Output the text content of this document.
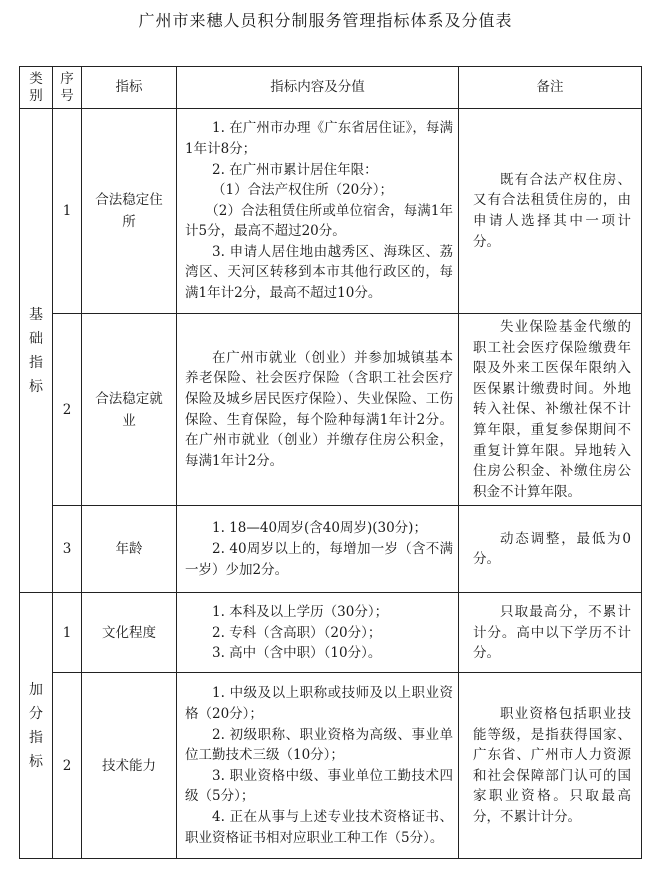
广州市来穗人员积分制服务管理指标体系及分值表
类别	序号	指标	指标内容及分值	备注
基础指标	1	合法稳定住所	1. 在广州市办理《广东省居住证》，每满1年计8分；

2. 在广州市累计居住年限：

（1）合法产权住所（20分）；

（2）合法租赁住所或单位宿舍，每满1年计5分，最高不超过20分。

3. 申请人居住地由越秀区、海珠区、荔湾区、天河区转移到本市其他行政区的，每满1年计2分，最高不超过10分。	既有合法产权住房、又有合法租赁住房的，由申请人选择其中一项计分。

	2	合法稳定就业	在广州市就业（创业）并参加城镇基本养老保险、社会医疗保险（含职工社会医疗保险及城乡居民医疗保险）、失业保险、工伤保险、生育保险，每个险种每满1年计2分。在广州市就业（创业）并缴存住房公积金，每满1年计2分。	失业保险基金代缴的职工社会医疗保险缴费年限及外来工医保年限纳入医保累计缴费时间。外地转入社保、补缴社保不计算年限，重复参保期间不重复计算年限。异地转入住房公积金、补缴住房公积金不计算年限。

	3	年龄	1. 18—40周岁(含40周岁)(30分)；

2. 40周岁以上的，每增加一岁（含不满一岁）少加2分。	动态调整，最低为0分。

加分指标	1	文化程度	1. 本科及以上学历（30分）；

2. 专科（含高职）（20分）；

3. 高中（含中职）（10分）。	只取最高分，不累计计分。高中以下学历不计分。

	2	技术能力	1. 中级及以上职称或技师及以上职业资格（20分）；

2. 初级职称、职业资格为高级、事业单位工勤技术三级（10分）；

3. 职业资格中级、事业单位工勤技术四级（5分）；

4. 正在从事与上述专业技术资格证书、职业资格证书相对应职业工种工作（5分）。	职业资格包括职业技能等级，是指获得国家、广东省、广州市人力资源和社会保障部门认可的国家职业资格。只取最高分，不累计计分。
